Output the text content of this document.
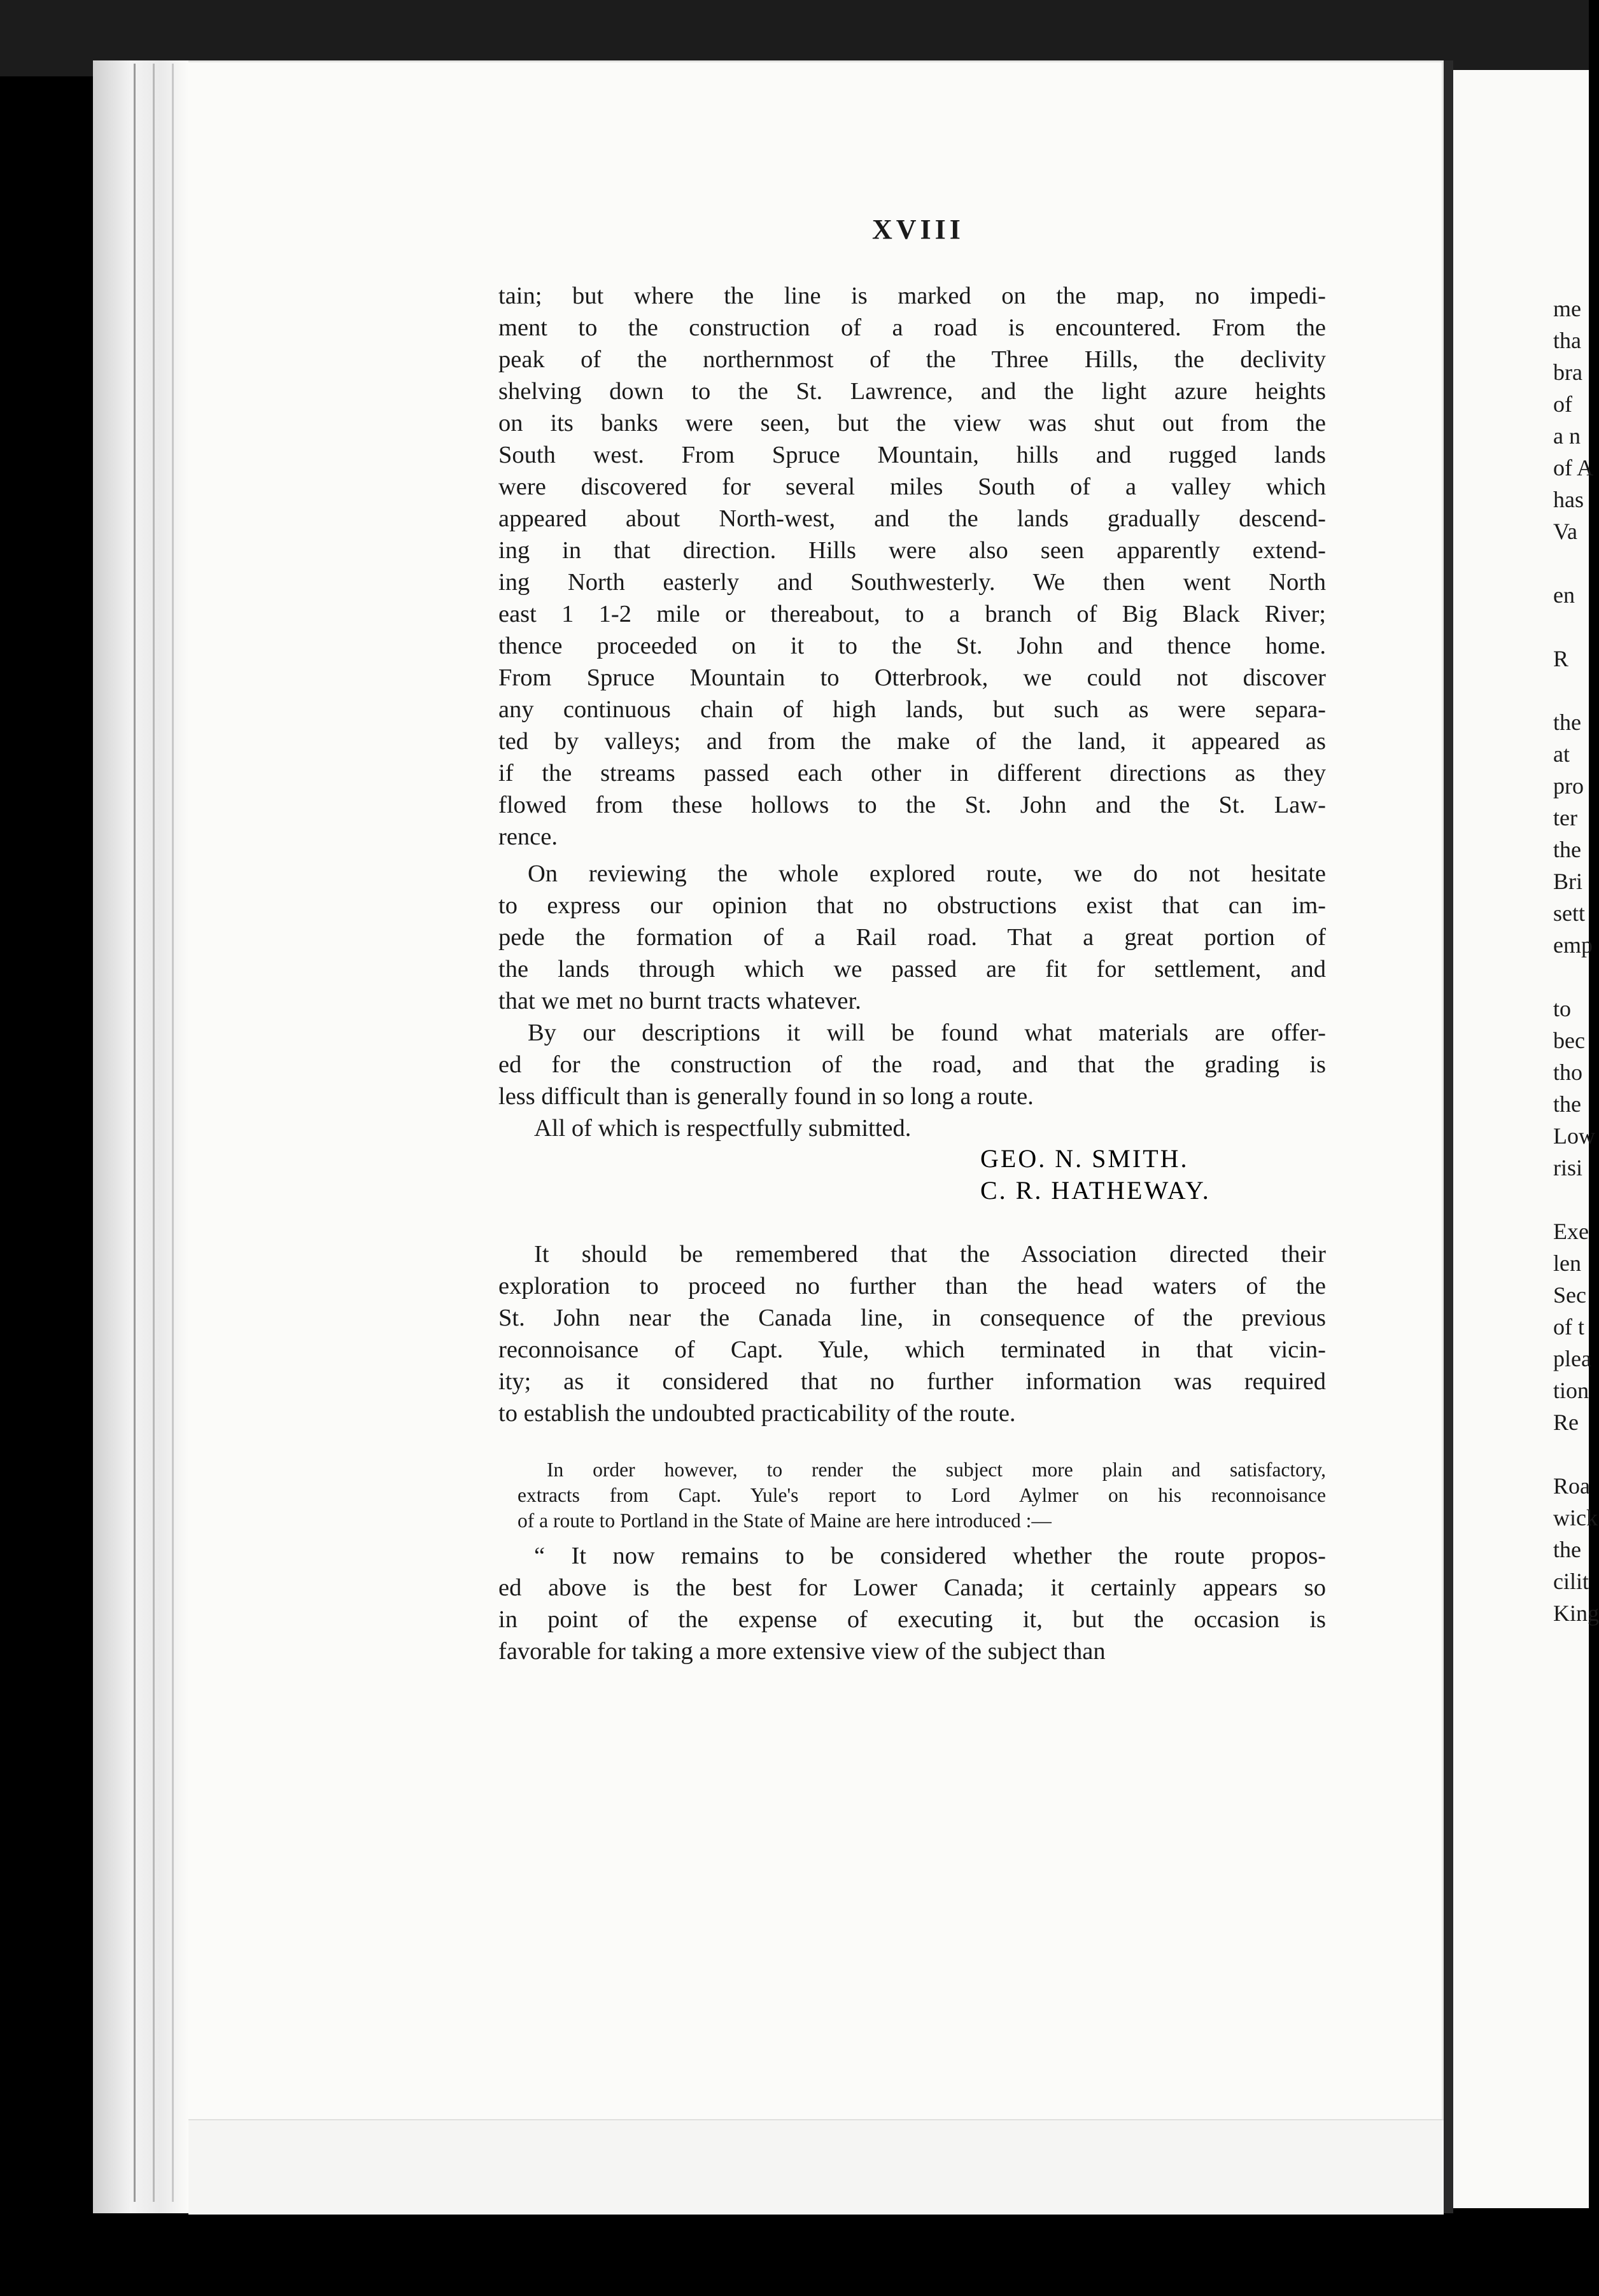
XVIII

tain; but where the line is marked on the map, no impedi-

ment to the construction of a road is encountered. From the

peak of the northernmost of the Three Hills, the declivity

shelving down to the St. Lawrence, and the light azure heights

on its banks were seen, but the view was shut out from the

South west. From Spruce Mountain, hills and rugged lands

were discovered for several miles South of a valley which

appeared about North-west, and the lands gradually descend-

ing in that direction. Hills were also seen apparently extend-

ing North easterly and Southwesterly. We then went North

east 1 1-2 mile or thereabout, to a branch of Big Black River;

thence proceeded on it to the St. John and thence home.

From Spruce Mountain to Otterbrook, we could not discover

any continuous chain of high lands, but such as were separa-

ted by valleys; and from the make of the land, it appeared as

if the streams passed each other in different directions as they

flowed from these hollows to the St. John and the St. Law-

rence.

On reviewing the whole explored route, we do not hesitate

to express our opinion that no obstructions exist that can im-

pede the formation of a Rail road. That a great portion of

the lands through which we passed are fit for settlement, and

that we met no burnt tracts whatever.

By our descriptions it will be found what materials are offer-

ed for the construction of the road, and that the grading is

less difficult than is generally found in so long a route.

All of which is respectfully submitted.

GEO. N. SMITH.
C. R. HATHEWAY.

It should be remembered that the Association directed their

exploration to proceed no further than the head waters of the

St. John near the Canada line, in consequence of the previous

reconnoisance of Capt. Yule, which terminated in that vicin-

ity; as it considered that no further information was required

to establish the undoubted practicability of the route.

In order however, to render the subject more plain and satisfactory,

extracts from Capt. Yule's report to Lord Aylmer on his reconnoisance

of a route to Portland in the State of Maine are here introduced :—

“ It now remains to be considered whether the route propos-

ed above is the best for Lower Canada; it certainly appears so

in point of the expense of executing it, but the occasion is

favorable for taking a more extensive view of the subject than

me
tha
bra
of
a n
of A
has
Va
en
R
the
at
pro
ter
the
Bri
sett
emp
to
bec
tho
the
Low
risi
Exe
len
Sec
of t
plea
tion
Re
Roa
wick
the
cilit
King
